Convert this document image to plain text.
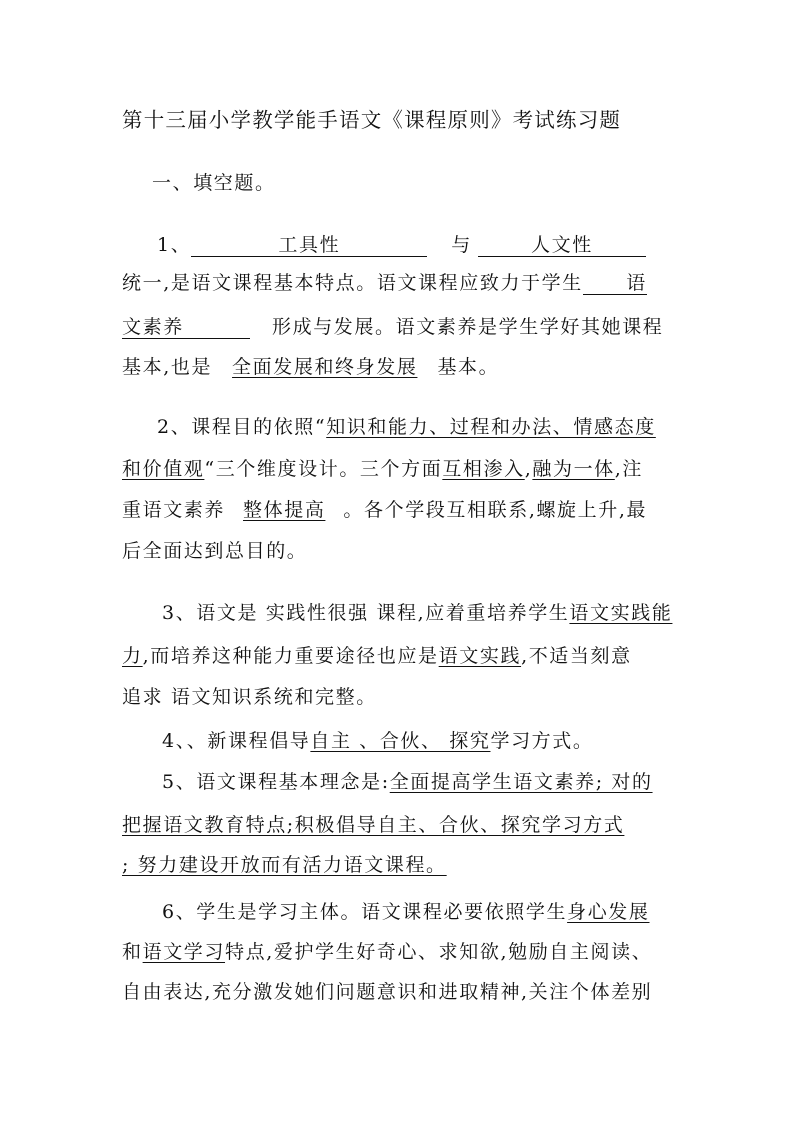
第十三届小学教学能手语文《课程原则》考试练习题
一、填空题。
1、	工具性	与	人文性
统一,是语文课程基本特点。语文课程应致力于学生 语
文素养	形成与发展。语文素养是学生学好其她课程
基本,也是 全面发展和终身发展 基本。
2、课程目的依照“知识和能力、过程和办法、情感态度
和价值观“三个维度设计。三个方面互相渗入,融为一体,注
重语文素养 整体提高 。各个学段互相联系,螺旋上升,最
后全面达到总目的。
3、语文是 实践性很强 课程,应着重培养学生语文实践能
力,而培养这种能力重要途径也应是语文实践,不适当刻意
追求 语文知识系统和完整。
4、、新课程倡导自主 、合伙、 探究学习方式。
5、语文课程基本理念是:全面提高学生语文素养; 对的
把握语文教育特点;积极倡导自主、合伙、探究学习方式
; 努力建设开放而有活力语文课程。
6、学生是学习主体。语文课程必要依照学生身心发展
和语文学习特点,爱护学生好奇心、求知欲,勉励自主阅读、
自由表达,充分激发她们问题意识和进取精神,关注个体差别
